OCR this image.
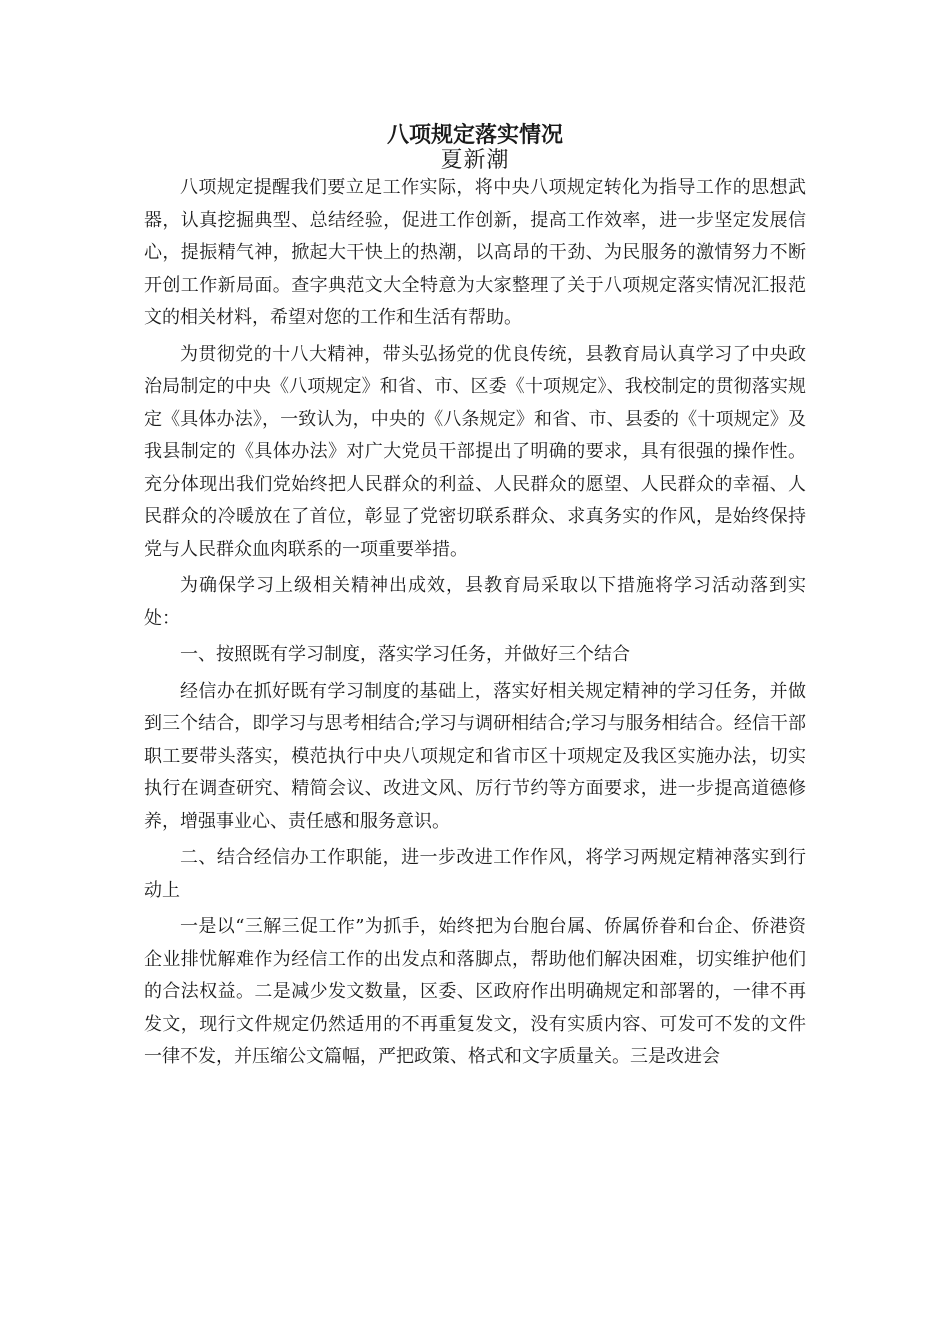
八项规定落实情况
夏新潮

八项规定提醒我们要立足工作实际，将中央八项规定转化为指导工作的思想武器，认真挖掘典型、总结经验，促进工作创新，提高工作效率，进一步坚定发展信心，提振精气神，掀起大干快上的热潮，以高昂的干劲、为民服务的激情努力不断开创工作新局面。查字典范文大全特意为大家整理了关于八项规定落实情况汇报范文的相关材料，希望对您的工作和生活有帮助。

为贯彻党的十八大精神，带头弘扬党的优良传统，县教育局认真学习了中央政治局制定的中央《八项规定》和省、市、区委《十项规定》、我校制定的贯彻落实规定《具体办法》，一致认为，中央的《八条规定》和省、市、县委的《十项规定》及我县制定的《具体办法》对广大党员干部提出了明确的要求，具有很强的操作性。充分体现出我们党始终把人民群众的利益、人民群众的愿望、人民群众的幸福、人民群众的冷暖放在了首位，彰显了党密切联系群众、求真务实的作风，是始终保持党与人民群众血肉联系的一项重要举措。

为确保学习上级相关精神出成效，县教育局采取以下措施将学习活动落到实处：

一、按照既有学习制度，落实学习任务，并做好三个结合

经信办在抓好既有学习制度的基础上，落实好相关规定精神的学习任务，并做到三个结合，即学习与思考相结合;学习与调研相结合;学习与服务相结合。经信干部职工要带头落实，模范执行中央八项规定和省市区十项规定及我区实施办法，切实执行在调查研究、精简会议、改进文风、厉行节约等方面要求，进一步提高道德修养，增强事业心、责任感和服务意识。

二、结合经信办工作职能，进一步改进工作作风，将学习两规定精神落实到行动上

一是以“三解三促工作”为抓手，始终把为台胞台属、侨属侨眷和台企、侨港资企业排忧解难作为经信工作的出发点和落脚点，帮助他们解决困难，切实维护他们的合法权益。二是减少发文数量，区委、区政府作出明确规定和部署的，一律不再发文，现行文件规定仍然适用的不再重复发文，没有实质内容、可发可不发的文件一律不发，并压缩公文篇幅，严把政策、格式和文字质量关。三是改进会
